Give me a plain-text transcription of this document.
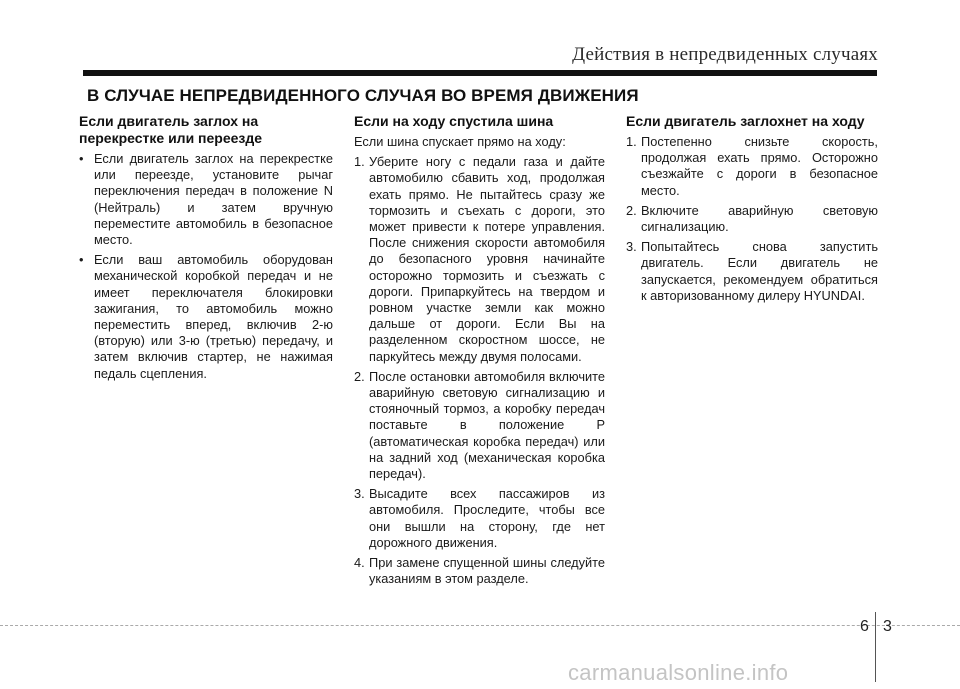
Действия в непредвиденных случаях
В СЛУЧАЕ НЕПРЕДВИДЕННОГО СЛУЧАЯ ВО ВРЕМЯ ДВИЖЕНИЯ
Если двигатель заглох на перекрестке или переезде
• Если двигатель заглох на перекрестке или переезде, установите рычаг переключения передач в положение N (Нейтраль) и затем вручную переместите автомобиль в безопасное место.
• Если ваш автомобиль оборудован механической коробкой передач и не имеет переключателя блокировки зажигания, то автомобиль можно переместить вперед, включив 2-ю (вторую) или 3-ю (третью) передачу, и затем включив стартер, не нажимая педаль сцепления.
Если на ходу спустила шина

Если шина спускает прямо на ходу:

1. Уберите ногу с педали газа и дайте автомобилю сбавить ход, продолжая ехать прямо. Не пытайтесь сразу же тормозить и съехать с дороги, это может привести к потере управления. После снижения скорости автомобиля до безопасного уровня начинайте осторожно тормозить и съезжать с дороги. Припаркуйтесь на твердом и ровном участке земли как можно дальше от дороги. Если Вы на разделенном скоростном шоссе, не паркуйтесь между двумя полосами.
2. После остановки автомобиля включите аварийную световую сигнализацию и стояночный тормоз, а коробку передач поставьте в положение P (автоматическая коробка передач) или на задний ход (механическая коробка передач).
3. Высадите всех пассажиров из автомобиля. Проследите, чтобы все они вышли на сторону, где нет дорожного движения.
4. При замене спущенной шины следуйте указаниям в этом разделе.
Если двигатель заглохнет на ходу
1. Постепенно снизьте скорость, продолжая ехать прямо. Осторожно съезжайте с дороги в безопасное место.
2. Включите аварийную световую сигнализацию.
3. Попытайтесь снова запустить двигатель. Если двигатель не запускается, рекомендуем обратиться к авторизованному дилеру HYUNDAI.
6 3
carmanualsonline.info
